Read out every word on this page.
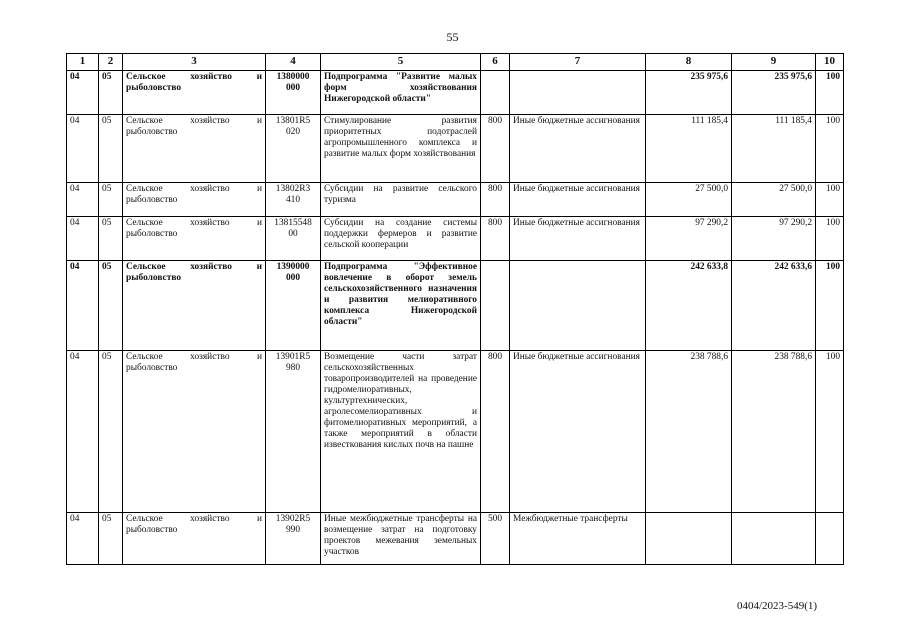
55
1	2	3	4	5	6	7	8	9	10
04	05	Сельское хозяйство и рыболовство	1380000 000	Подпрограмма "Развитие малых форм хозяйствования Нижегородской области"			235 975,6	235 975,6	100
04	05	Сельское хозяйство и рыболовство	13801R5 020	Стимулирование развития приоритетных подотраслей агропромышленного комплекса и развитие малых форм хозяйствования	800	Иные бюджетные ассигнования	111 185,4	111 185,4	100
04	05	Сельское хозяйство и рыболовство	13802R3 410	Субсидии на развитие сельского туризма	800	Иные бюджетные ассигнования	27 500,0	27 500,0	100
04	05	Сельское хозяйство и рыболовство	13815548 00	Субсидии на создание системы поддержки фермеров и развитие сельской кооперации	800	Иные бюджетные ассигнования	97 290,2	97 290,2	100
04	05	Сельское хозяйство и рыболовство	1390000 000	Подпрограмма "Эффективное вовлечение в оборот земель сельскохозяйственного назначения и развития мелиоративного комплекса Нижегородской области"			242 633,8	242 633,6	100
04	05	Сельское хозяйство и рыболовство	13901R5 980	Возмещение части затрат сельскохозяйственных товаропроизводителей на проведение гидромелиоративных, культуртехнических, агролесомелиоративных и фитомелиоративных мероприятий, а также мероприятий в области известкования кислых почв на пашне	800	Иные бюджетные ассигнования	238 788,6	238 788,6	100
04	05	Сельское хозяйство и рыболовство	13902R5 990	Иные межбюджетные трансферты на возмещение затрат на подготовку проектов межевания земельных участков	500	Межбюджетные трансферты			
0404/2023-549(1)
